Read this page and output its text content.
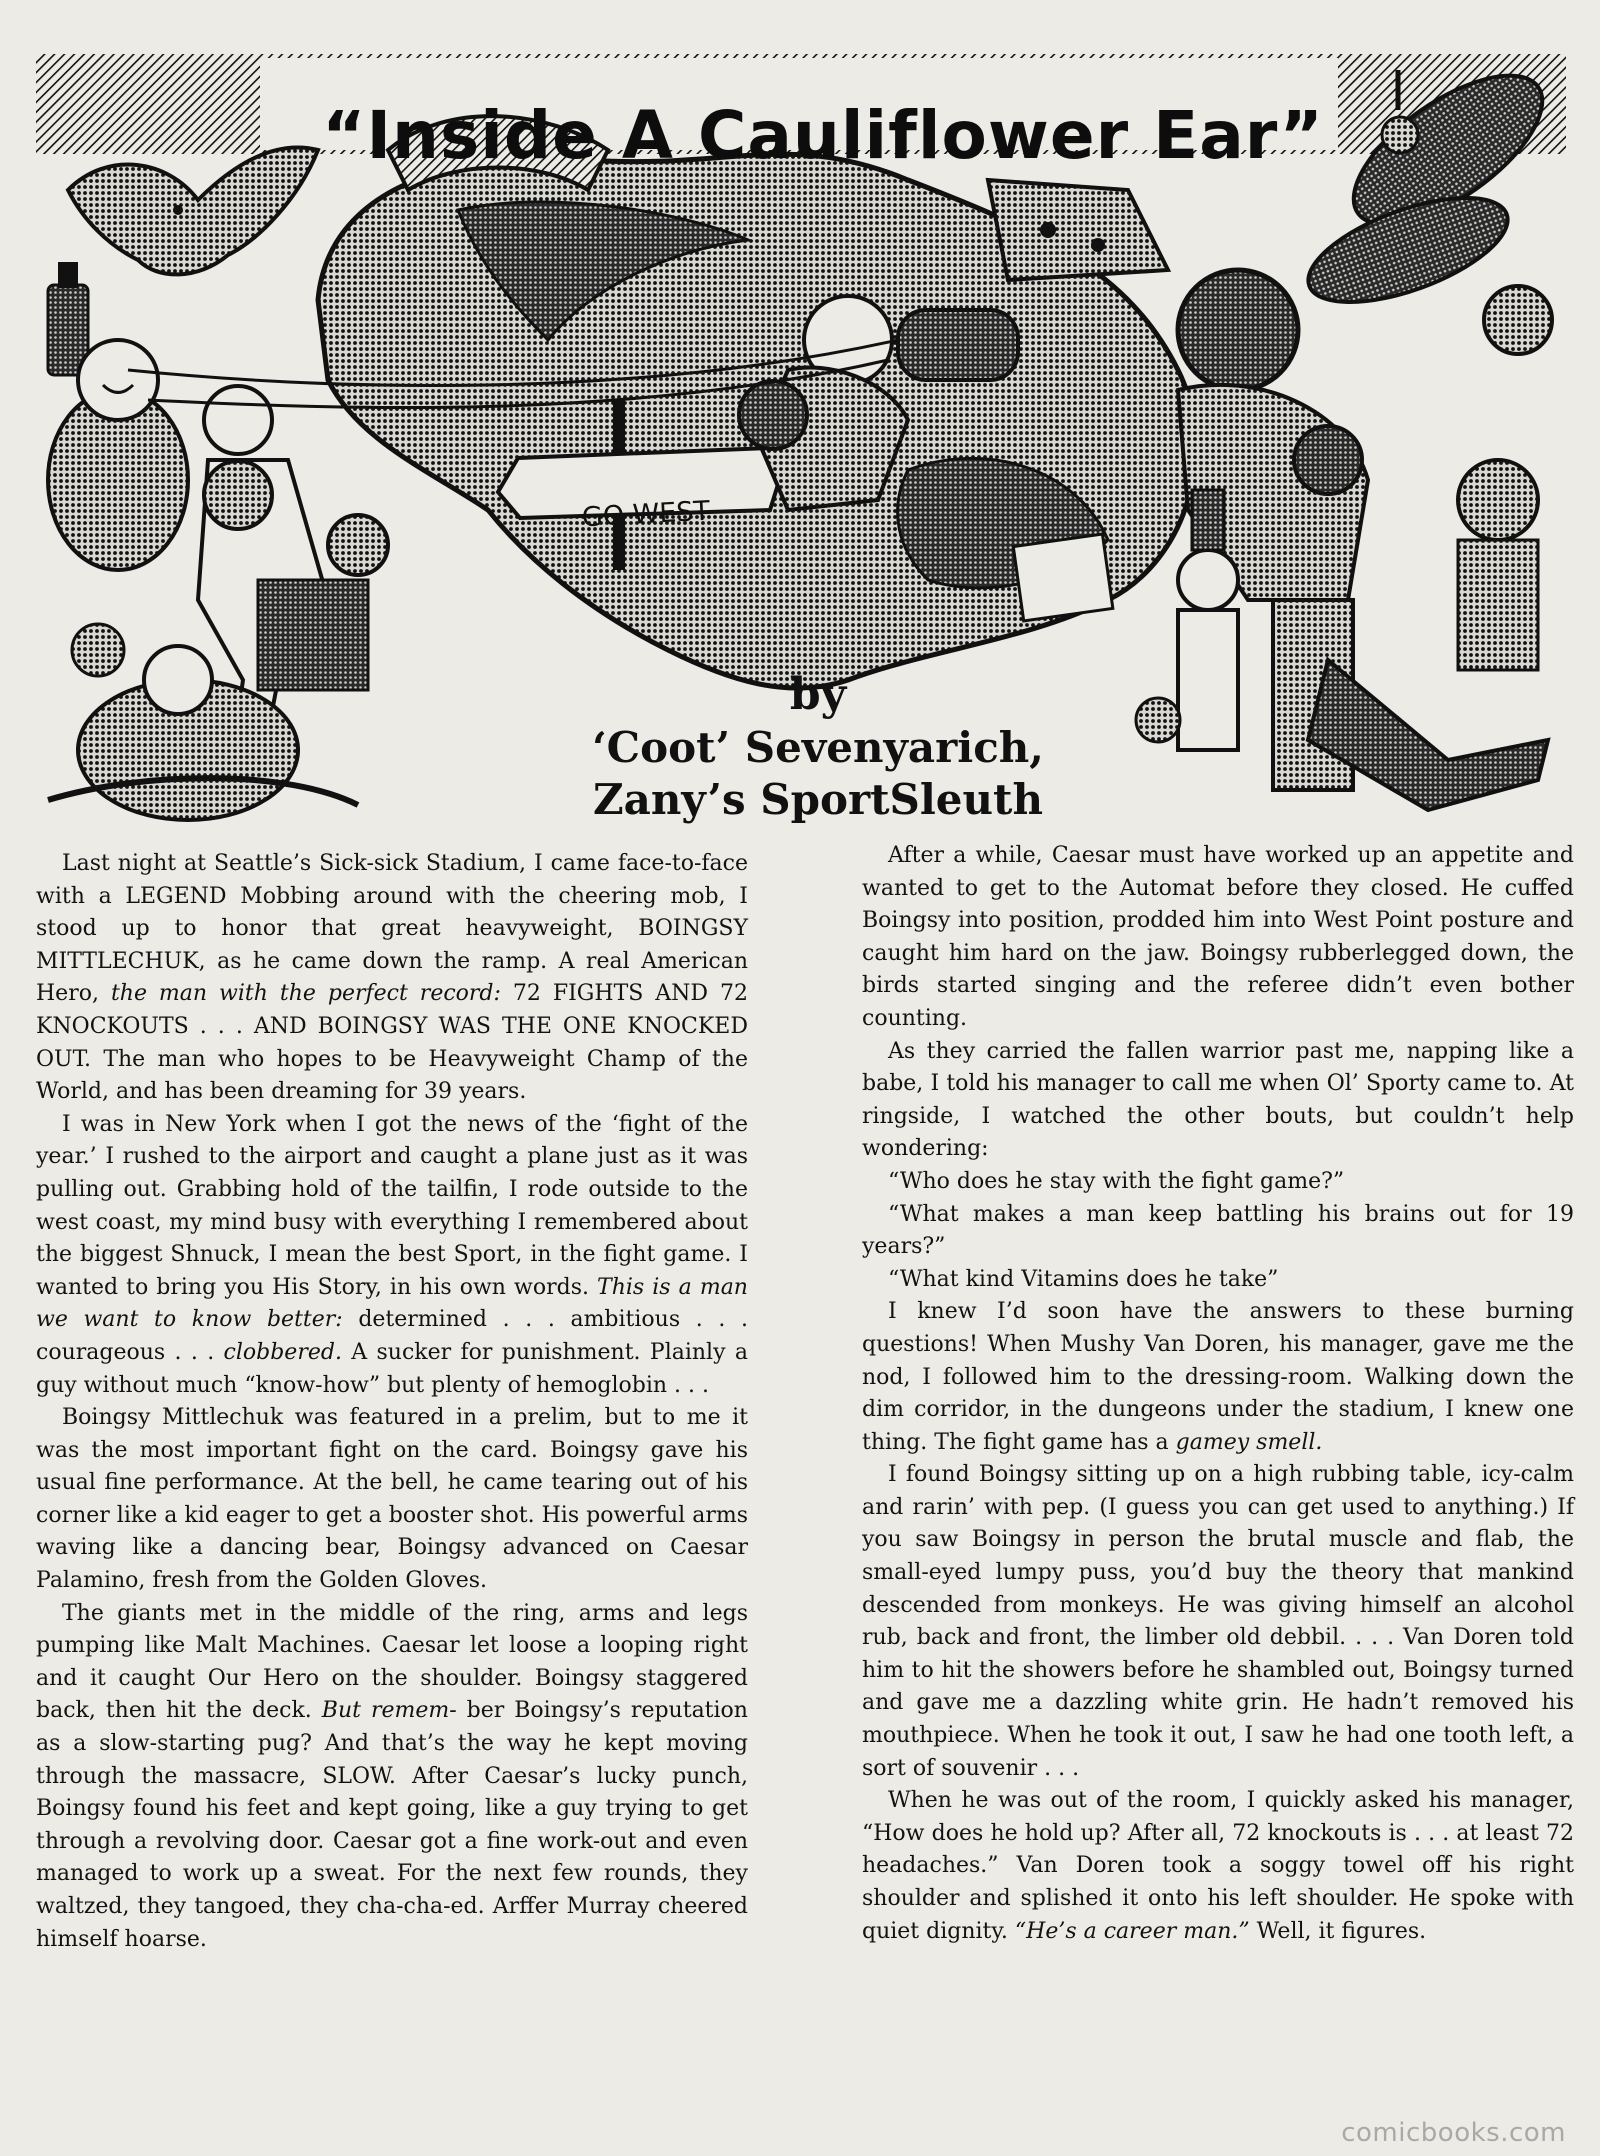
“Inside A Cauliflower Ear”
GO WEST
by
‘Coot’ Sevenyarich,
Zany’s SportSleuth

Last night at Seattle’s Sick-sick Stadium, I came face-to-face with a LEGEND Mobbing around with the cheering mob, I stood up to honor that great heavyweight, BOINGSY MITTLECHUK, as he came down the ramp. A real American Hero, the man with the perfect record: 72 FIGHTS AND 72 KNOCKOUTS . . . AND BOINGSY WAS THE ONE KNOCKED OUT. The man who hopes to be Heavyweight Champ of the World, and has been dreaming for 39 years.

I was in New York when I got the news of the ‘fight of the year.’ I rushed to the airport and caught a plane just as it was pulling out. Grabbing hold of the tailfin, I rode outside to the west coast, my mind busy with everything I remembered about the biggest Shnuck, I mean the best Sport, in the fight game. I wanted to bring you His Story, in his own words. This is a man we want to know better: determined . . . ambitious . . . courageous . . . clobbered. A sucker for punishment. Plainly a guy without much “know-how” but plenty of hemoglobin . . .

Boingsy Mittlechuk was featured in a prelim, but to me it was the most important fight on the card. Boingsy gave his usual fine performance. At the bell, he came tearing out of his corner like a kid eager to get a booster shot. His powerful arms waving like a dancing bear, Boingsy advanced on Caesar Palamino, fresh from the Golden Gloves.

The giants met in the middle of the ring, arms and legs pumping like Malt Machines. Caesar let loose a looping right and it caught Our Hero on the shoulder. Boingsy staggered back, then hit the deck. But remem- ber Boingsy’s reputation as a slow-starting pug? And that’s the way he kept moving through the massacre, SLOW. After Caesar’s lucky punch, Boingsy found his feet and kept going, like a guy trying to get through a revolving door. Caesar got a fine work-out and even managed to work up a sweat. For the next few rounds, they waltzed, they tangoed, they cha-cha-ed. Arffer Murray cheered himself hoarse.

After a while, Caesar must have worked up an appetite and wanted to get to the Automat before they closed. He cuffed Boingsy into position, prodded him into West Point posture and caught him hard on the jaw. Boingsy rubberlegged down, the birds started singing and the referee didn’t even bother counting.

As they carried the fallen warrior past me, napping like a babe, I told his manager to call me when Ol’ Sporty came to. At ringside, I watched the other bouts, but couldn’t help wondering:

“Who does he stay with the fight game?”

“What makes a man keep battling his brains out for 19 years?”

“What kind Vitamins does he take”

I knew I’d soon have the answers to these burning questions! When Mushy Van Doren, his manager, gave me the nod, I followed him to the dressing-room. Walking down the dim corridor, in the dungeons under the stadium, I knew one thing. The fight game has a gamey smell.

I found Boingsy sitting up on a high rubbing table, icy-calm and rarin’ with pep. (I guess you can get used to anything.) If you saw Boingsy in person the brutal muscle and flab, the small-eyed lumpy puss, you’d buy the theory that mankind descended from monkeys. He was giving himself an alcohol rub, back and front, the limber old debbil. . . . Van Doren told him to hit the showers before he shambled out, Boingsy turned and gave me a dazzling white grin. He hadn’t removed his mouthpiece. When he took it out, I saw he had one tooth left, a sort of souvenir . . .

When he was out of the room, I quickly asked his manager, “How does he hold up? After all, 72 knockouts is . . . at least 72 headaches.” Van Doren took a soggy towel off his right shoulder and splished it onto his left shoulder. He spoke with quiet dignity. “He’s a career man.” Well, it figures.

comicbooks.com
